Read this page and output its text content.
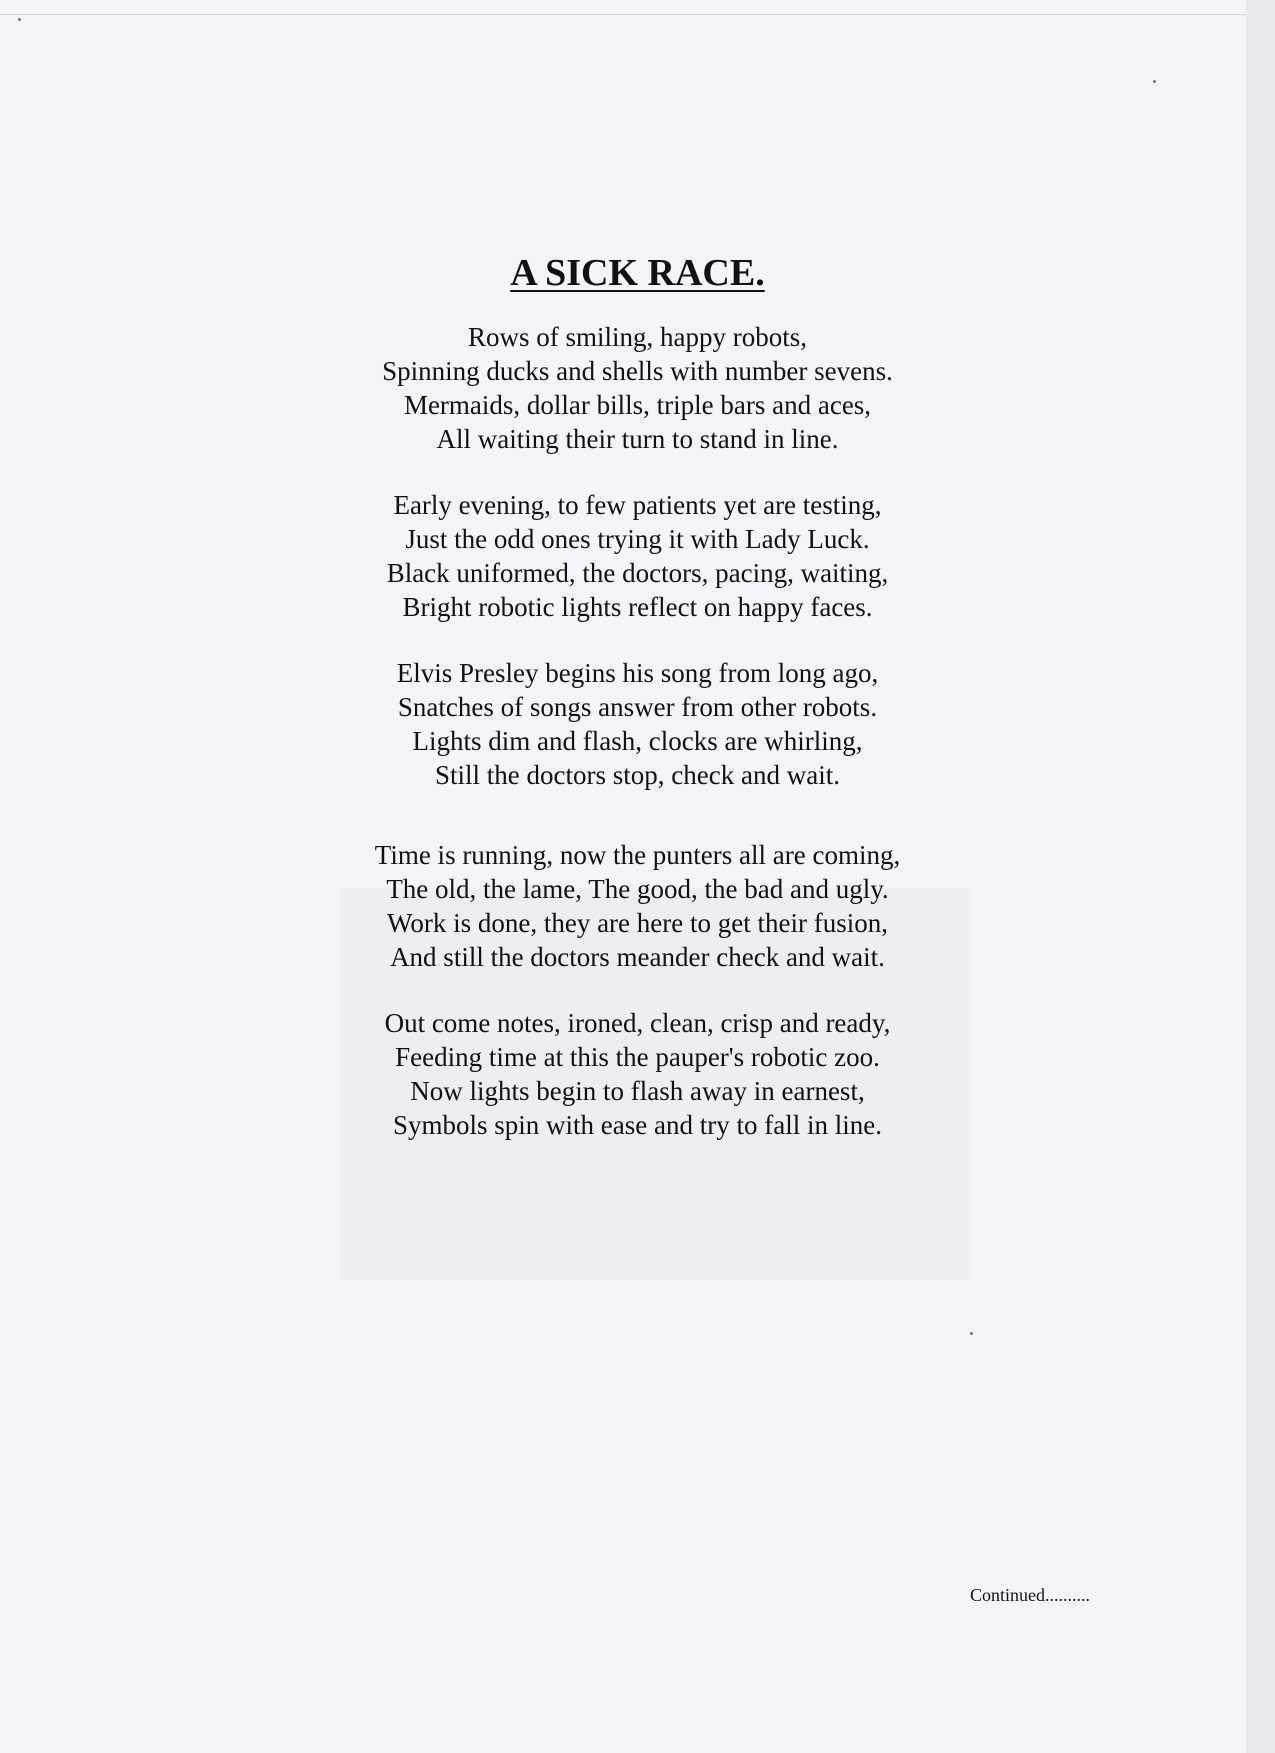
A SICK RACE.
Rows of smiling, happy robots,
Spinning ducks and shells with number sevens.
Mermaids, dollar bills, triple bars and aces,
All waiting their turn to stand in line.
Early evening, to few patients yet are testing,
Just the odd ones trying it with Lady Luck.
Black uniformed, the doctors, pacing, waiting,
Bright robotic lights reflect on happy faces.
Elvis Presley begins his song from long ago,
Snatches of songs answer from other robots.
Lights dim and flash, clocks are whirling,
Still the doctors stop, check and wait.
Time is running, now the punters all are coming,
The old, the lame, The good, the bad and ugly.
Work is done, they are here to get their fusion,
And still the doctors meander check and wait.
Out come notes, ironed, clean, crisp and ready,
Feeding time at this the pauper's robotic zoo.
Now lights begin to flash away in earnest,
Symbols spin with ease and try to fall in line.
Continued..........
